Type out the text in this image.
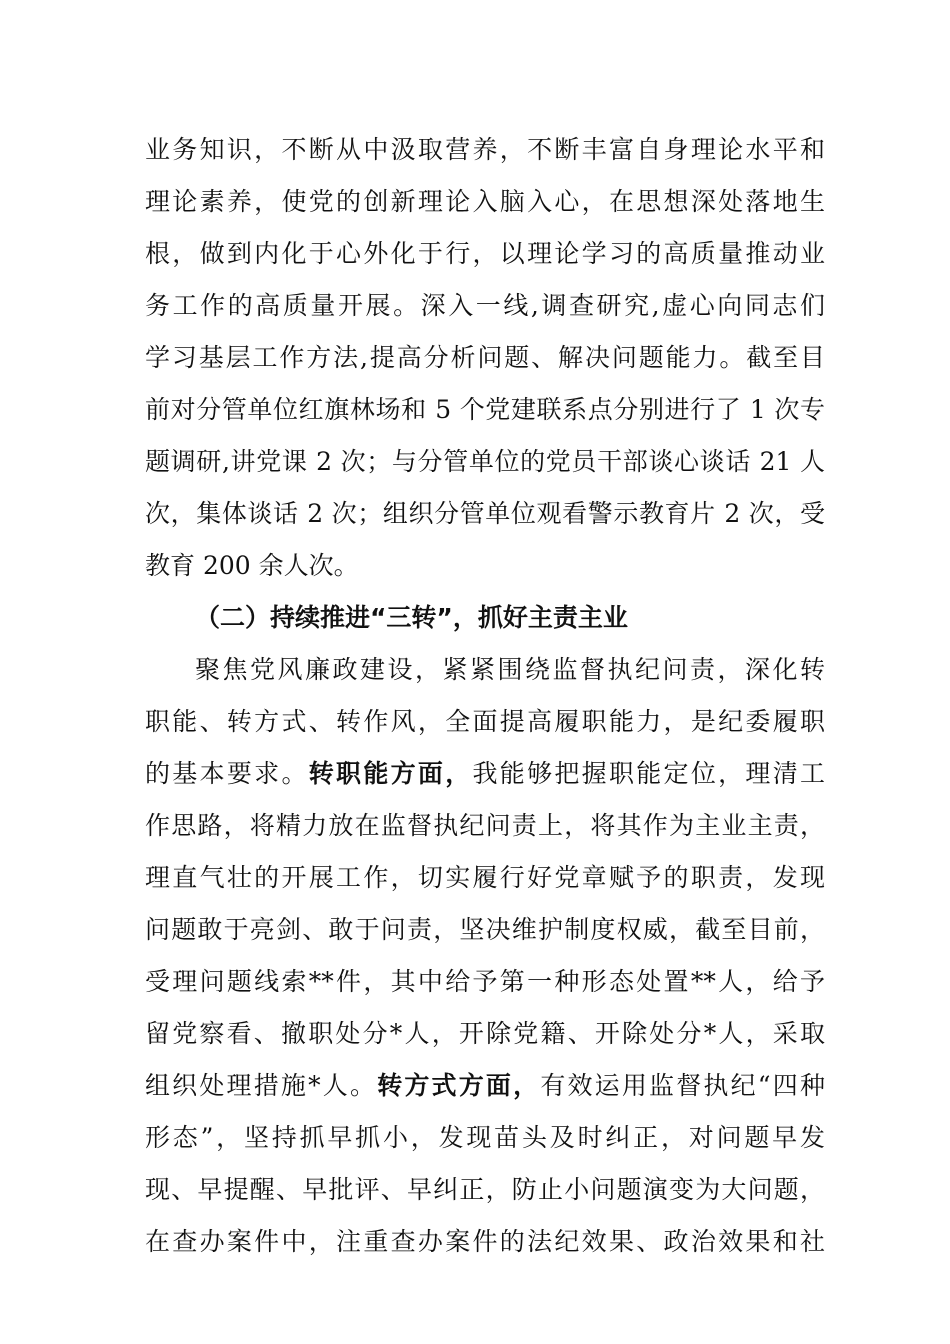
业务知识，不断从中汲取营养，不断丰富自身理论水平和
理论素养，使党的创新理论入脑入心，在思想深处落地生
根，做到内化于心外化于行，以理论学习的高质量推动业
务工作的高质量开展。深入一线,调查研究,虚心向同志们
学习基层工作方法,提高分析问题、解决问题能力。截至目
前对分管单位红旗林场和 5 个党建联系点分别进行了 1 次专
题调研,讲党课 2 次；与分管单位的党员干部谈心谈话 21 人
次，集体谈话 2 次；组织分管单位观看警示教育片 2 次，受
教育 200 余人次。
（二）持续推进“三转”，抓好主责主业
聚焦党风廉政建设，紧紧围绕监督执纪问责，深化转
职能、转方式、转作风，全面提高履职能力，是纪委履职
的基本要求。转职能方面，我能够把握职能定位，理清工
作思路，将精力放在监督执纪问责上，将其作为主业主责，
理直气壮的开展工作，切实履行好党章赋予的职责，发现
问题敢于亮剑、敢于问责，坚决维护制度权威，截至目前，
受理问题线索**件，其中给予第一种形态处置**人，给予
留党察看、撤职处分*人，开除党籍、开除处分*人，采取
组织处理措施*人。转方式方面，有效运用监督执纪“四种
形态”，坚持抓早抓小，发现苗头及时纠正，对问题早发
现、早提醒、早批评、早纠正，防止小问题演变为大问题，
在查办案件中，注重查办案件的法纪效果、政治效果和社
